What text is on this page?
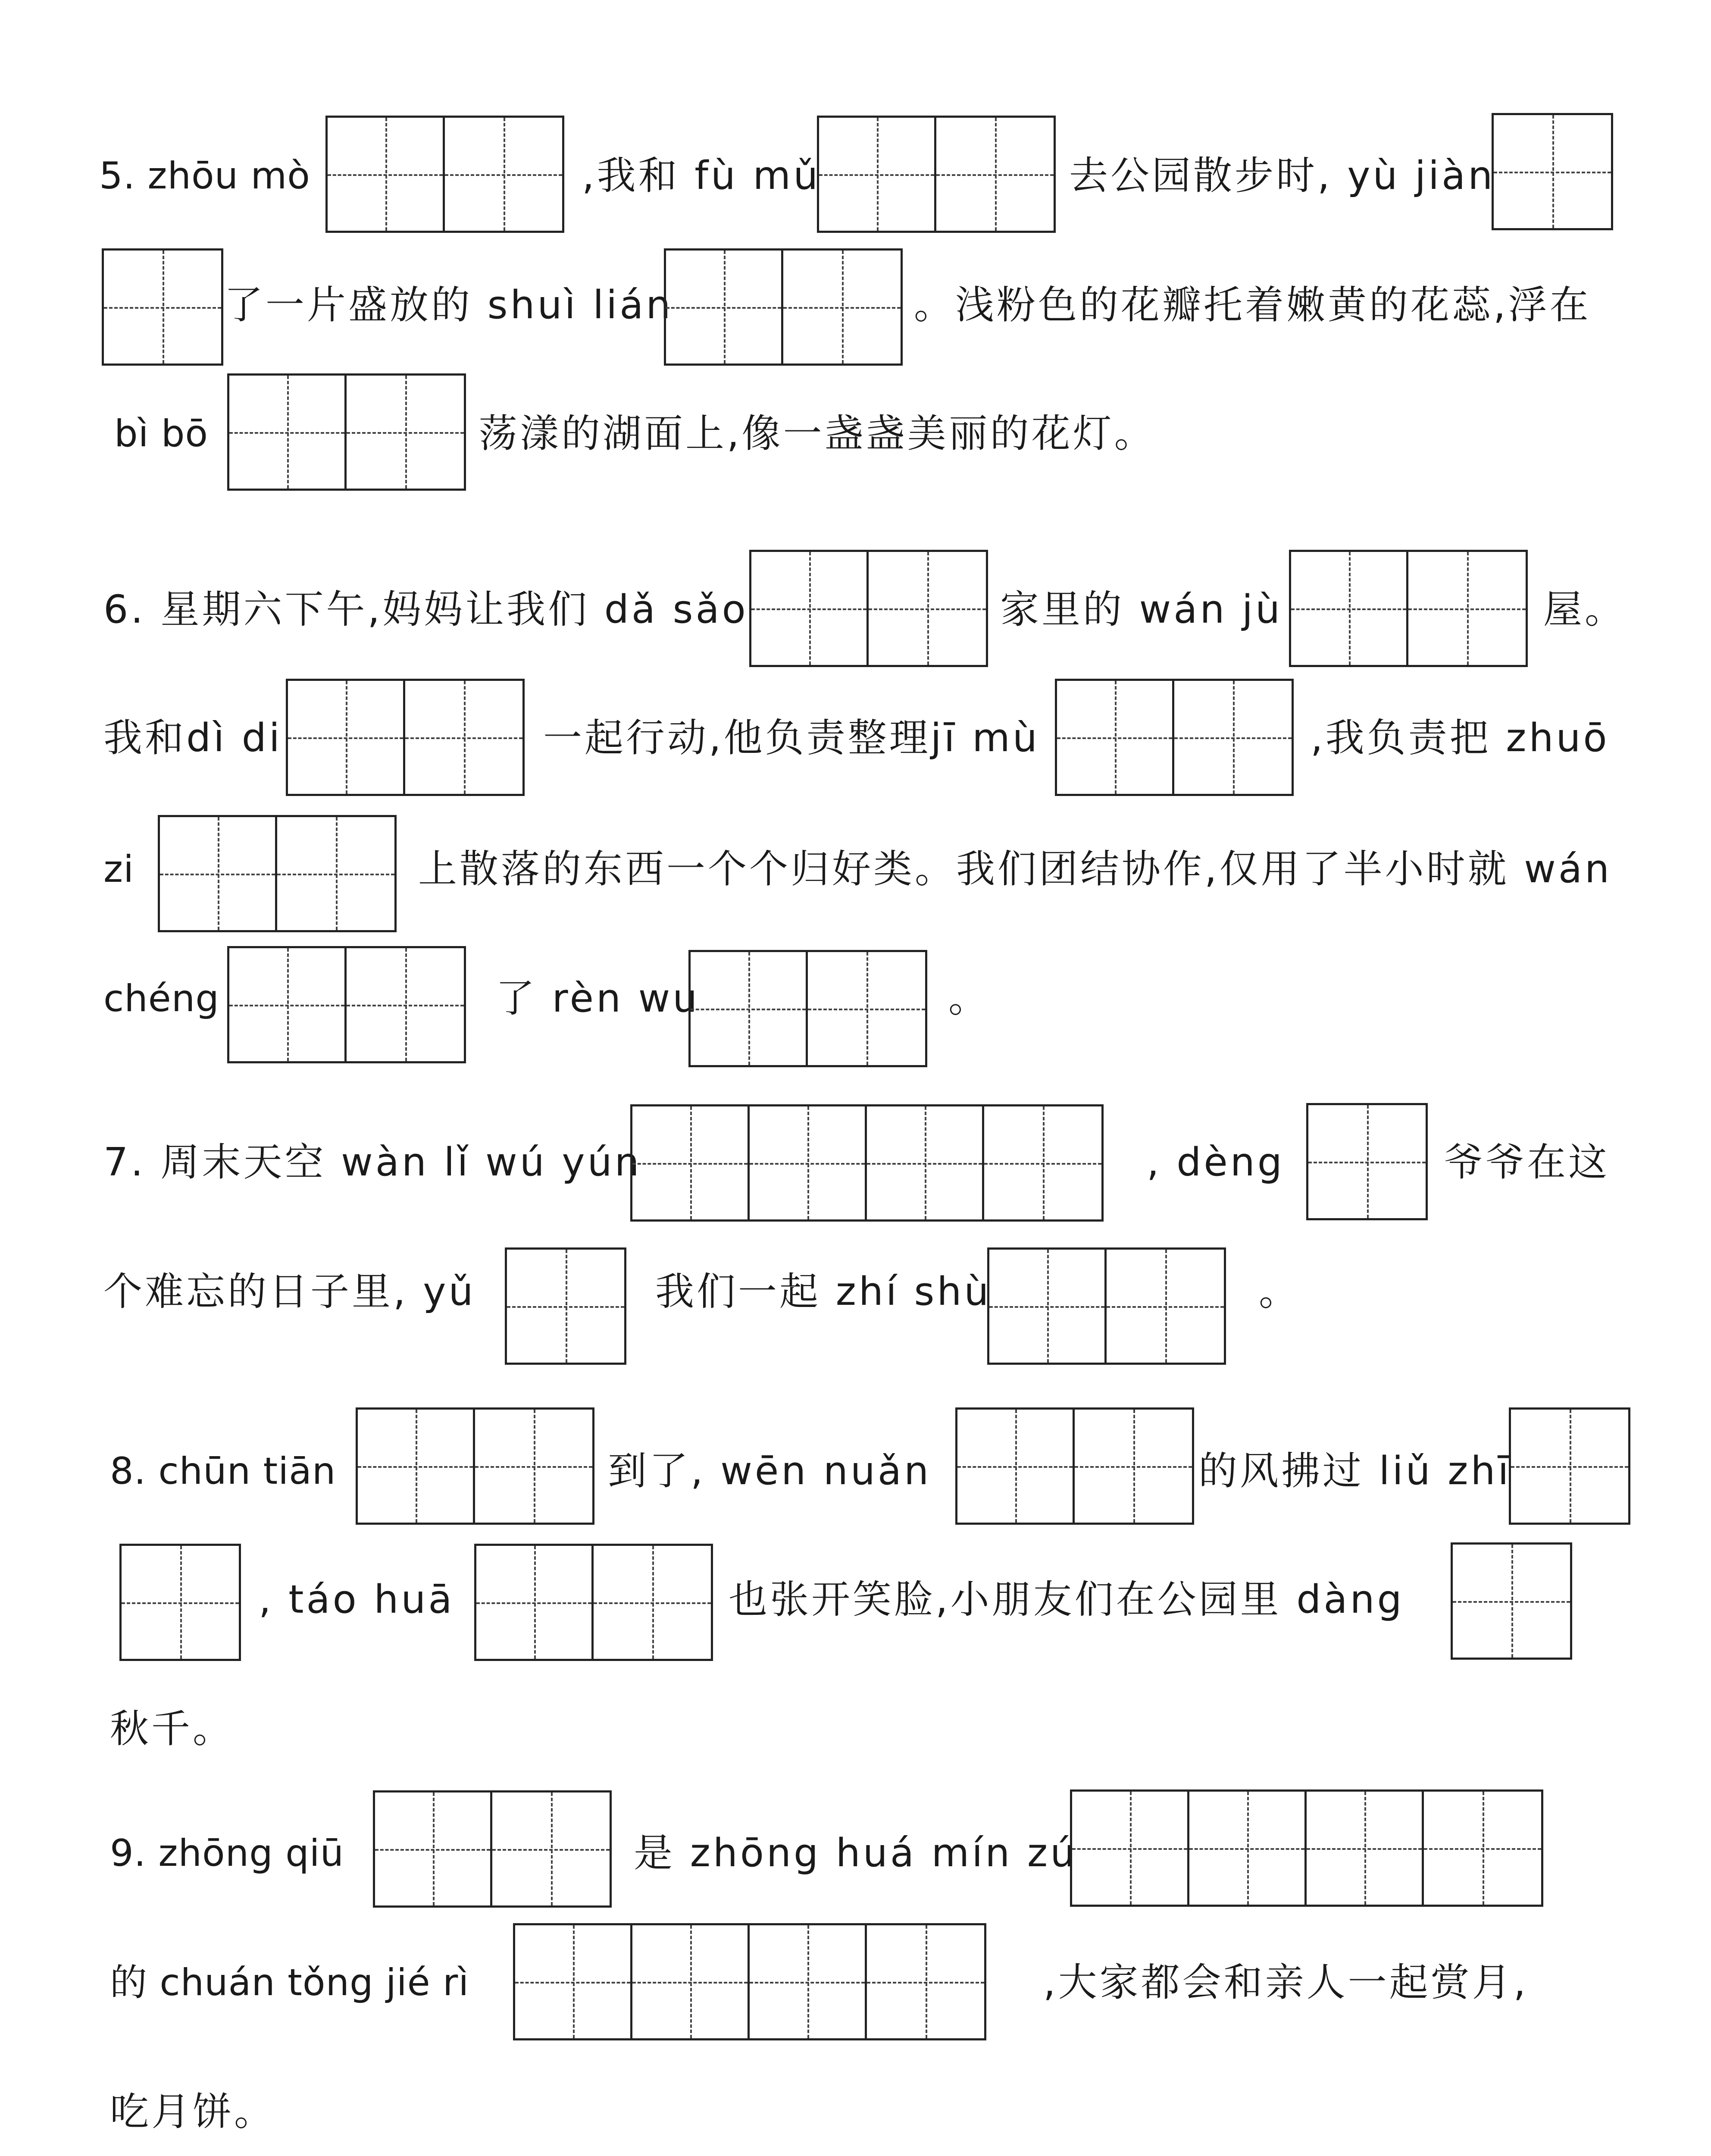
5. zhōu mò	,我和 fù mǔ	去公园散步时, yù jiàn
了一片盛放的 shuì lián	。浅粉色的花瓣托着嫩黄的花蕊,浮在
bì bō	荡漾的湖面上,像一盏盏美丽的花灯。
6. 星期六下午,妈妈让我们 dǎ sǎo	家里的 wán jù	屋。
我和dì di	一起行动,他负责整理jī mù	,我负责把 zhuō
zi	上散落的东西一个个归好类。我们团结协作,仅用了半小时就 wán
chéng	了 rèn wu	。
7. 周末天空 wàn lǐ wú yún	, dèng	爷爷在这
个难忘的日子里, yǔ	我们一起 zhí shù	。
8. chūn tiān	到了, wēn nuǎn	的风拂过 liǔ zhī
, táo huā	也张开笑脸,小朋友们在公园里 dàng
秋千。
9. zhōng qiū	是 zhōng huá mín zú
的 chuán tǒng jié rì	,大家都会和亲人一起赏月,
吃月饼。
